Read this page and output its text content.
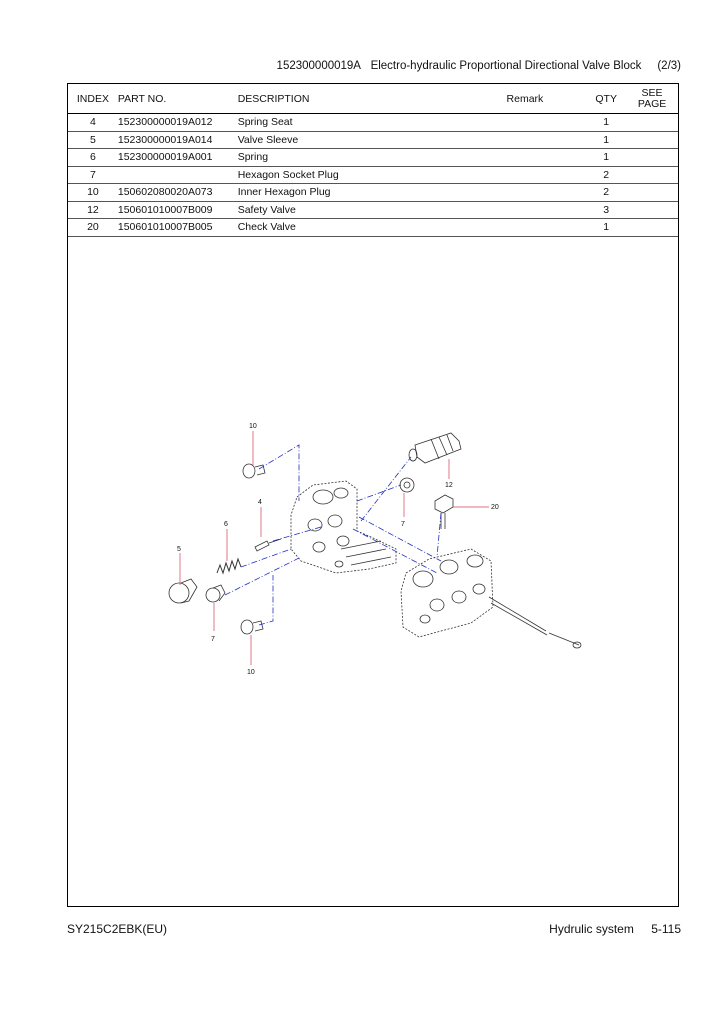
152300000019A Electro-hydraulic Proportional Directional Valve Block (2/3)
INDEX	PART NO.	DESCRIPTION	Remark	QTY	SEE PAGE
4	152300000019A012	Spring Seat		1	
5	152300000019A014	Valve Sleeve		1	
6	152300000019A001	Spring		1	
7		Hexagon Socket Plug		2	
10	150602080020A073	Inner Hexagon Plug		2	
12	150601010007B009	Safety Valve		3	
20	150601010007B005	Check Valve		1	
10
12
20
4
6	7
5
7
10
SY215C2EBK(EU)	Hydrulic system 5-115
